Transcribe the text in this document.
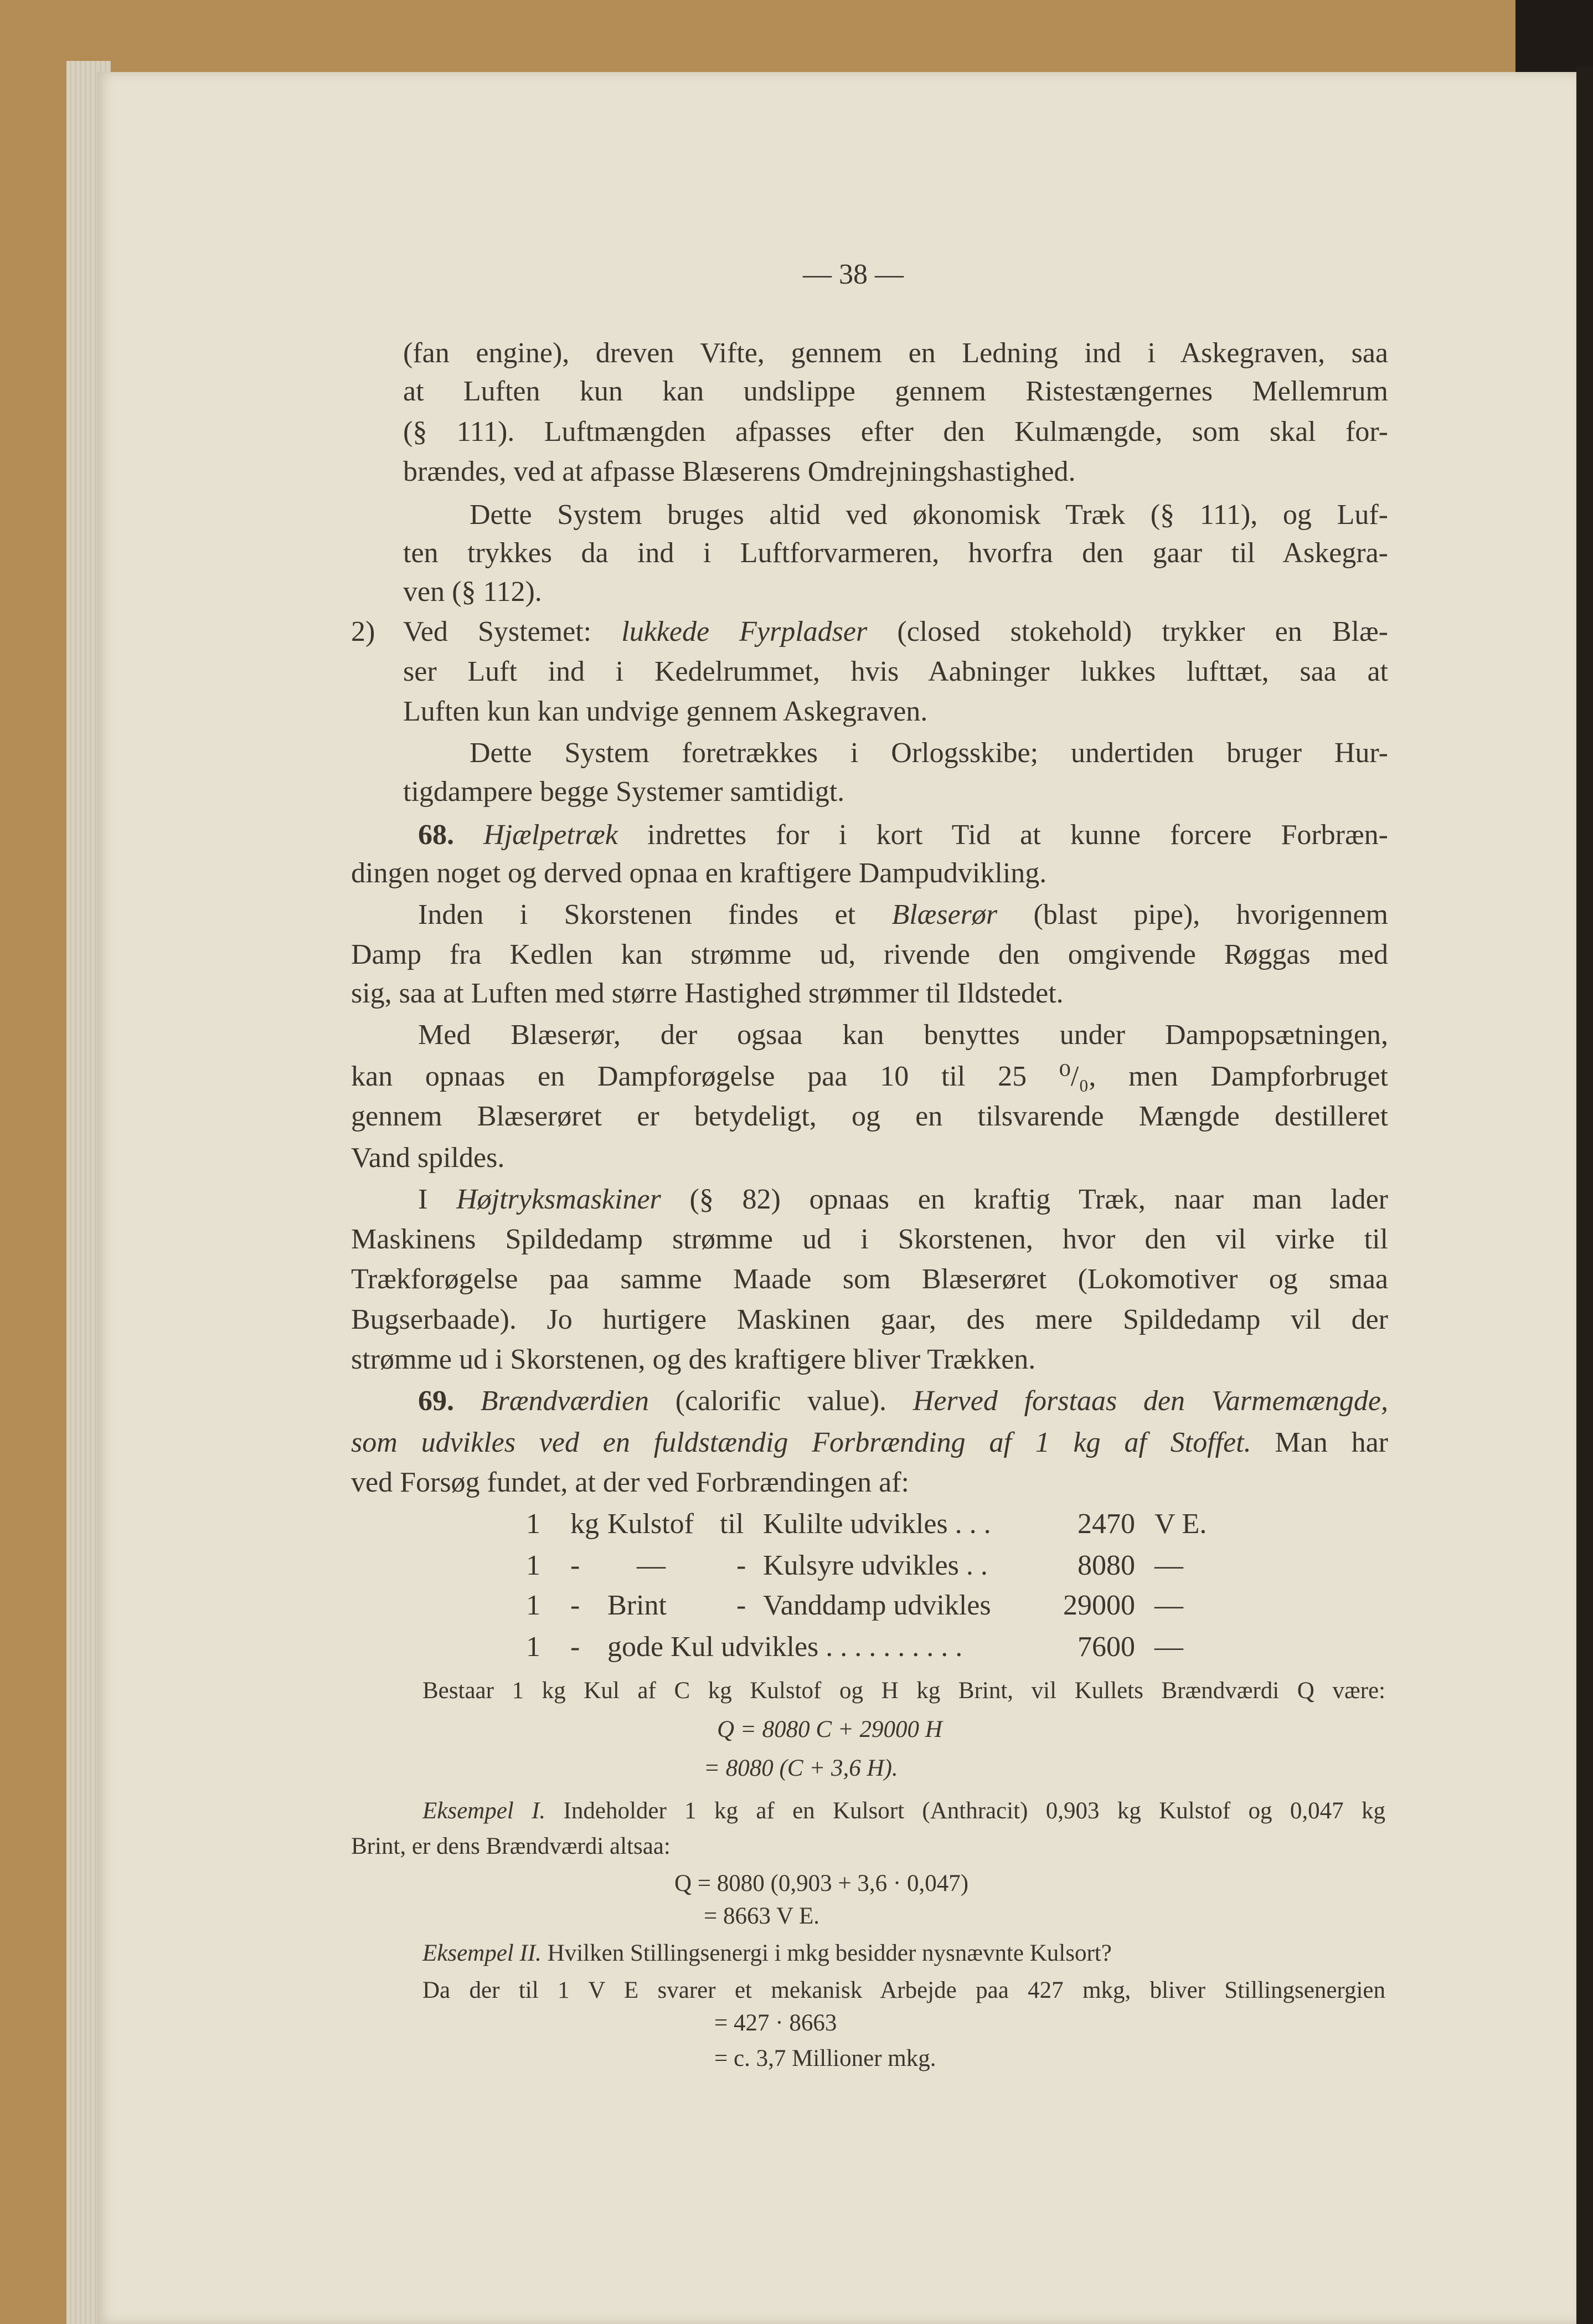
— 38 —
(fan engine), dreven Vifte, gennem en Ledning ind i Askegraven, saa
at Luften kun kan undslippe gennem Ristestængernes Mellemrum
(§ 111). Luftmængden afpasses efter den Kulmængde, som skal for-
brændes, ved at afpasse Blæserens Omdrejningshastighed.
Dette System bruges altid ved økonomisk Træk (§ 111), og Luf-
ten trykkes da ind i Luftforvarmeren, hvorfra den gaar til Askegra-
ven (§ 112).
2) Ved Systemet: lukkede Fyrpladser (closed stokehold) trykker en Blæ-
ser Luft ind i Kedelrummet, hvis Aabninger lukkes lufttæt, saa at
Luften kun kan undvige gennem Askegraven.
Dette System foretrækkes i Orlogsskibe; undertiden bruger Hur-
tigdampere begge Systemer samtidigt.
68. Hjælpetræk indrettes for i kort Tid at kunne forcere Forbræn-
dingen noget og derved opnaa en kraftigere Dampudvikling.
Inden i Skorstenen findes et Blæserør (blast pipe), hvorigennem
Damp fra Kedlen kan strømme ud, rivende den omgivende Røggas med
sig, saa at Luften med større Hastighed strømmer til Ildstedet.
Med Blæserør, der ogsaa kan benyttes under Dampopsætningen,
kan opnaas en Dampforøgelse paa 10 til 25 ⁰/₀, men Dampforbruget
gennem Blæserøret er betydeligt, og en tilsvarende Mængde destilleret
Vand spildes.
I Højtryksmaskiner (§ 82) opnaas en kraftig Træk, naar man lader
Maskinens Spildedamp strømme ud i Skorstenen, hvor den vil virke til
Trækforøgelse paa samme Maade som Blæserøret (Lokomotiver og smaa
Bugserbaade). Jo hurtigere Maskinen gaar, des mere Spildedamp vil der
strømme ud i Skorstenen, og des kraftigere bliver Trækken.
69. Brændværdien (calorific value). Herved forstaas den Varmemængde,
som udvikles ved en fuldstændig Forbrænding af 1 kg af Stoffet. Man har
ved Forsøg fundet, at der ved Forbrændingen af:
1 kg Kulstof til Kulilte udvikles . . .	2470 V E.
1 - — - Kulsyre udvikles . .	8080 —
1 - Brint - Vanddamp udvikles	29000 —
1 - gode Kul udvikles . . . . . . . . . .	7600 —
Bestaar 1 kg Kul af C kg Kulstof og H kg Brint, vil Kullets Brændværdi Q være:
Q = 8080 C + 29000 H
= 8080 (C + 3,6 H).
Eksempel I. Indeholder 1 kg af en Kulsort (Anthracit) 0,903 kg Kulstof og 0,047 kg
Brint, er dens Brændværdi altsaa:
Q = 8080 (0,903 + 3,6 · 0,047)
= 8663 V E.
Eksempel II. Hvilken Stillingsenergi i mkg besidder nysnævnte Kulsort?
Da der til 1 V E svarer et mekanisk Arbejde paa 427 mkg, bliver Stillingsenergien
= 427 · 8663
= c. 3,7 Millioner mkg.
